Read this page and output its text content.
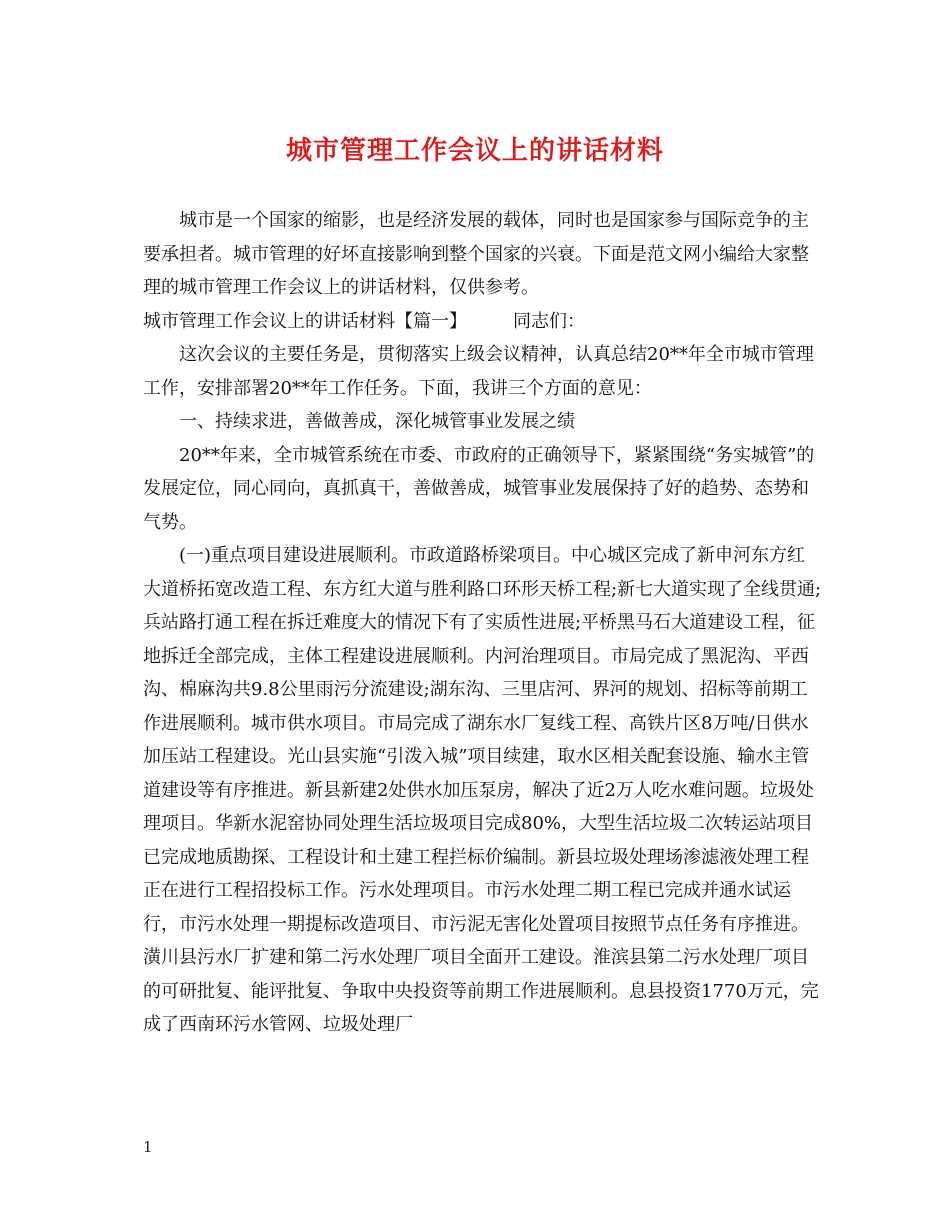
城市管理工作会议上的讲话材料

城市是一个国家的缩影，也是经济发展的载体，同时也是国家参与国际竞争的主要承担者。城市管理的好坏直接影响到整个国家的兴衰。下面是范文网小编给大家整理的城市管理工作会议上的讲话材料，仅供参考。

城市管理工作会议上的讲话材料【篇一】	同志们：

这次会议的主要任务是，贯彻落实上级会议精神，认真总结20**年全市城市管理工作，安排部署20**年工作任务。下面，我讲三个方面的意见：

一、持续求进，善做善成，深化城管事业发展之绩

20**年来，全市城管系统在市委、市政府的正确领导下，紧紧围绕“务实城管”的发展定位，同心同向，真抓真干，善做善成，城管事业发展保持了好的趋势、态势和气势。

(一)重点项目建设进展顺利。市政道路桥梁项目。中心城区完成了新申河东方红大道桥拓宽改造工程、东方红大道与胜利路口环形天桥工程;新七大道实现了全线贯通;兵站路打通工程在拆迁难度大的情况下有了实质性进展;平桥黑马石大道建设工程，征地拆迁全部完成，主体工程建设进展顺利。内河治理项目。市局完成了黑泥沟、平西沟、棉麻沟共9.8公里雨污分流建设;湖东沟、三里店河、界河的规划、招标等前期工作进展顺利。城市供水项目。市局完成了湖东水厂复线工程、高铁片区8万吨/日供水加压站工程建设。光山县实施“引泼入城”项目续建，取水区相关配套设施、输水主管道建设等有序推进。新县新建2处供水加压泵房，解决了近2万人吃水难问题。垃圾处理项目。华新水泥窑协同处理生活垃圾项目完成80%，大型生活垃圾二次转运站项目已完成地质勘探、工程设计和土建工程拦标价编制。新县垃圾处理场渗滤液处理工程正在进行工程招投标工作。污水处理项目。市污水处理二期工程已完成并通水试运行，市污水处理一期提标改造项目、市污泥无害化处置项目按照节点任务有序推进。潢川县污水厂扩建和第二污水处理厂项目全面开工建设。淮滨县第二污水处理厂项目的可研批复、能评批复、争取中央投资等前期工作进展顺利。息县投资1770万元，完成了西南环污水管网、垃圾处理厂

1
